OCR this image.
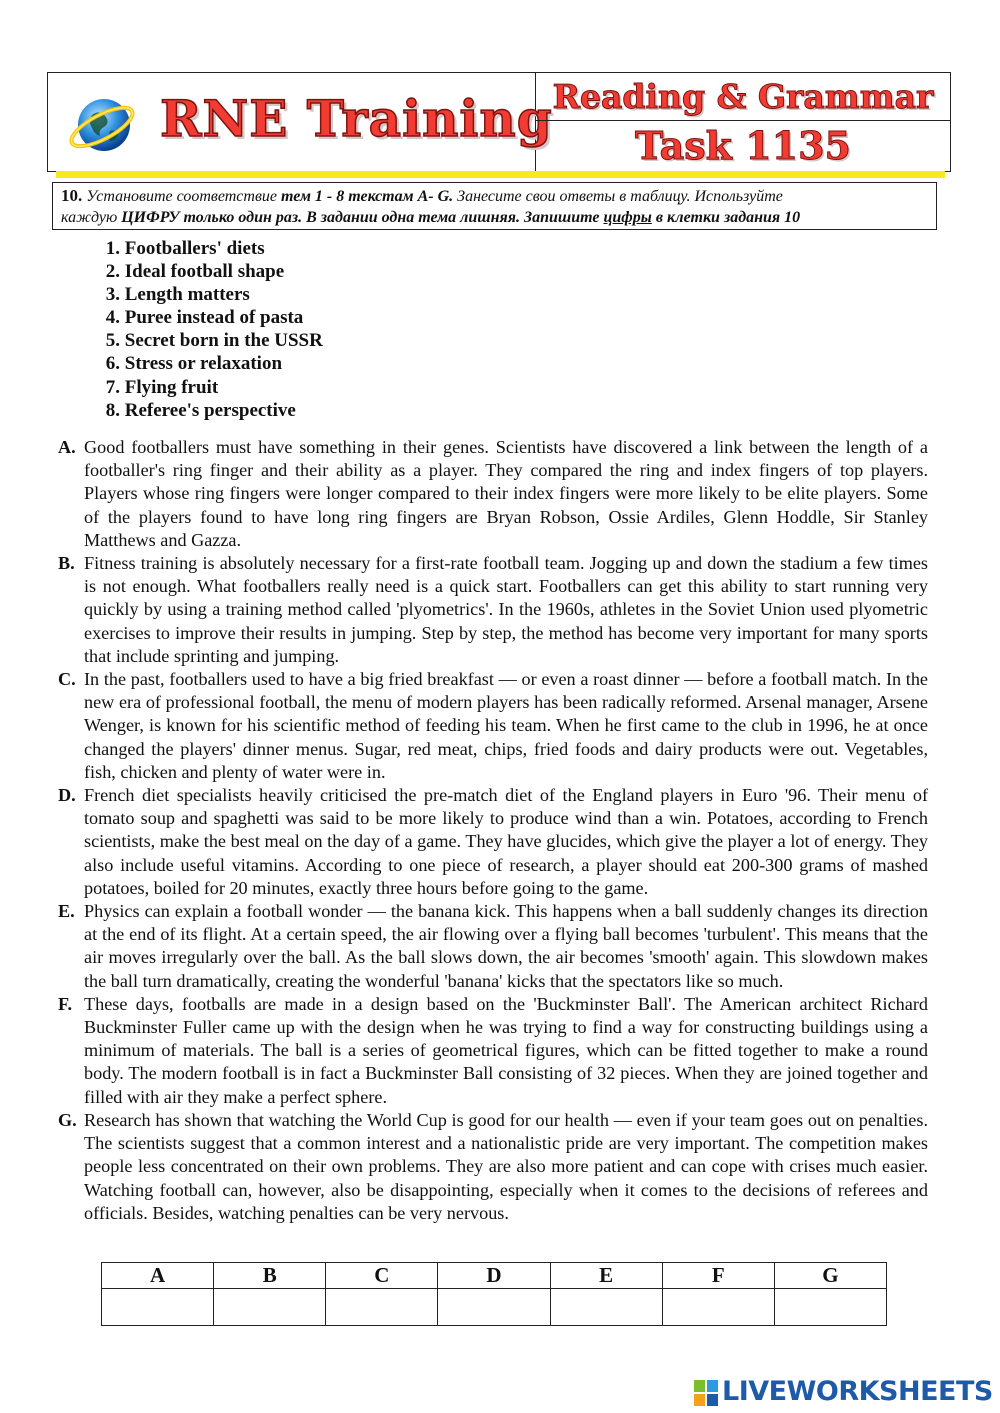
RNE Training Reading & Grammar
Task 1135
10. Установите соответствие тем 1 - 8 текстам A- G. Занесите свои ответы в таблицу. Используйте
каждую ЦИФРУ только один раз. В задании одна тема лишняя. Запишите цифры в клетки задания 10
1. Footballers' diets
2. Ideal football shape
3. Length matters
4. Puree instead of pasta
5. Secret born in the USSR
6. Stress or relaxation
7. Flying fruit
8. Referee's perspective
A. Good footballers must have something in their genes. Scientists have discovered a link between the length of a footballer's ring finger and their ability as a player. They compared the ring and index fingers of top players. Players whose ring fingers were longer compared to their index fingers were more likely to be elite players. Some of the players found to have long ring fingers are Bryan Robson, Ossie Ardiles, Glenn Hoddle, Sir Stanley Matthews and Gazza.
B. Fitness training is absolutely necessary for a first-rate football team. Jogging up and down the stadium a few times is not enough. What footballers really need is a quick start. Footballers can get this ability to start running very quickly by using a training method called 'plyometrics'. In the 1960s, athletes in the Soviet Union used plyometric exercises to improve their results in jumping. Step by step, the method has become very important for many sports that include sprinting and jumping.
C. In the past, footballers used to have a big fried breakfast — or even a roast dinner — before a football match. In the new era of professional football, the menu of modern players has been radically reformed. Arsenal manager, Arsene Wenger, is known for his scientific method of feeding his team. When he first came to the club in 1996, he at once changed the players' dinner menus. Sugar, red meat, chips, fried foods and dairy products were out. Vegetables, fish, chicken and plenty of water were in.
D. French diet specialists heavily criticised the pre-match diet of the England players in Euro '96. Their menu of tomato soup and spaghetti was said to be more likely to produce wind than a win. Potatoes, according to French scientists, make the best meal on the day of a game. They have glucides, which give the player a lot of energy. They also include useful vitamins. According to one piece of research, a player should eat 200-300 grams of mashed potatoes, boiled for 20 minutes, exactly three hours before going to the game.
E. Physics can explain a football wonder — the banana kick. This happens when a ball suddenly changes its direction at the end of its flight. At a certain speed, the air flowing over a flying ball becomes 'turbulent'. This means that the air moves irregularly over the ball. As the ball slows down, the air becomes 'smooth' again. This slowdown makes the ball turn dramatically, creating the wonderful 'banana' kicks that the spectators like so much.
F. These days, footballs are made in a design based on the 'Buckminster Ball'. The American architect Richard Buckminster Fuller came up with the design when he was trying to find a way for constructing buildings using a minimum of materials. The ball is a series of geometrical figures, which can be fitted together to make a round body. The modern football is in fact a Buckminster Ball consisting of 32 pieces. When they are joined together and filled with air they make a perfect sphere.
G. Research has shown that watching the World Cup is good for our health — even if your team goes out on penalties. The scientists suggest that a common interest and a nationalistic pride are very important. The competition makes people less concentrated on their own problems. They are also more patient and can cope with crises much easier. Watching football can, however, also be disappointing, especially when it comes to the decisions of referees and officials. Besides, watching penalties can be very nervous.
A	B	C	D	E	F	G

LIVEWORKSHEETS
